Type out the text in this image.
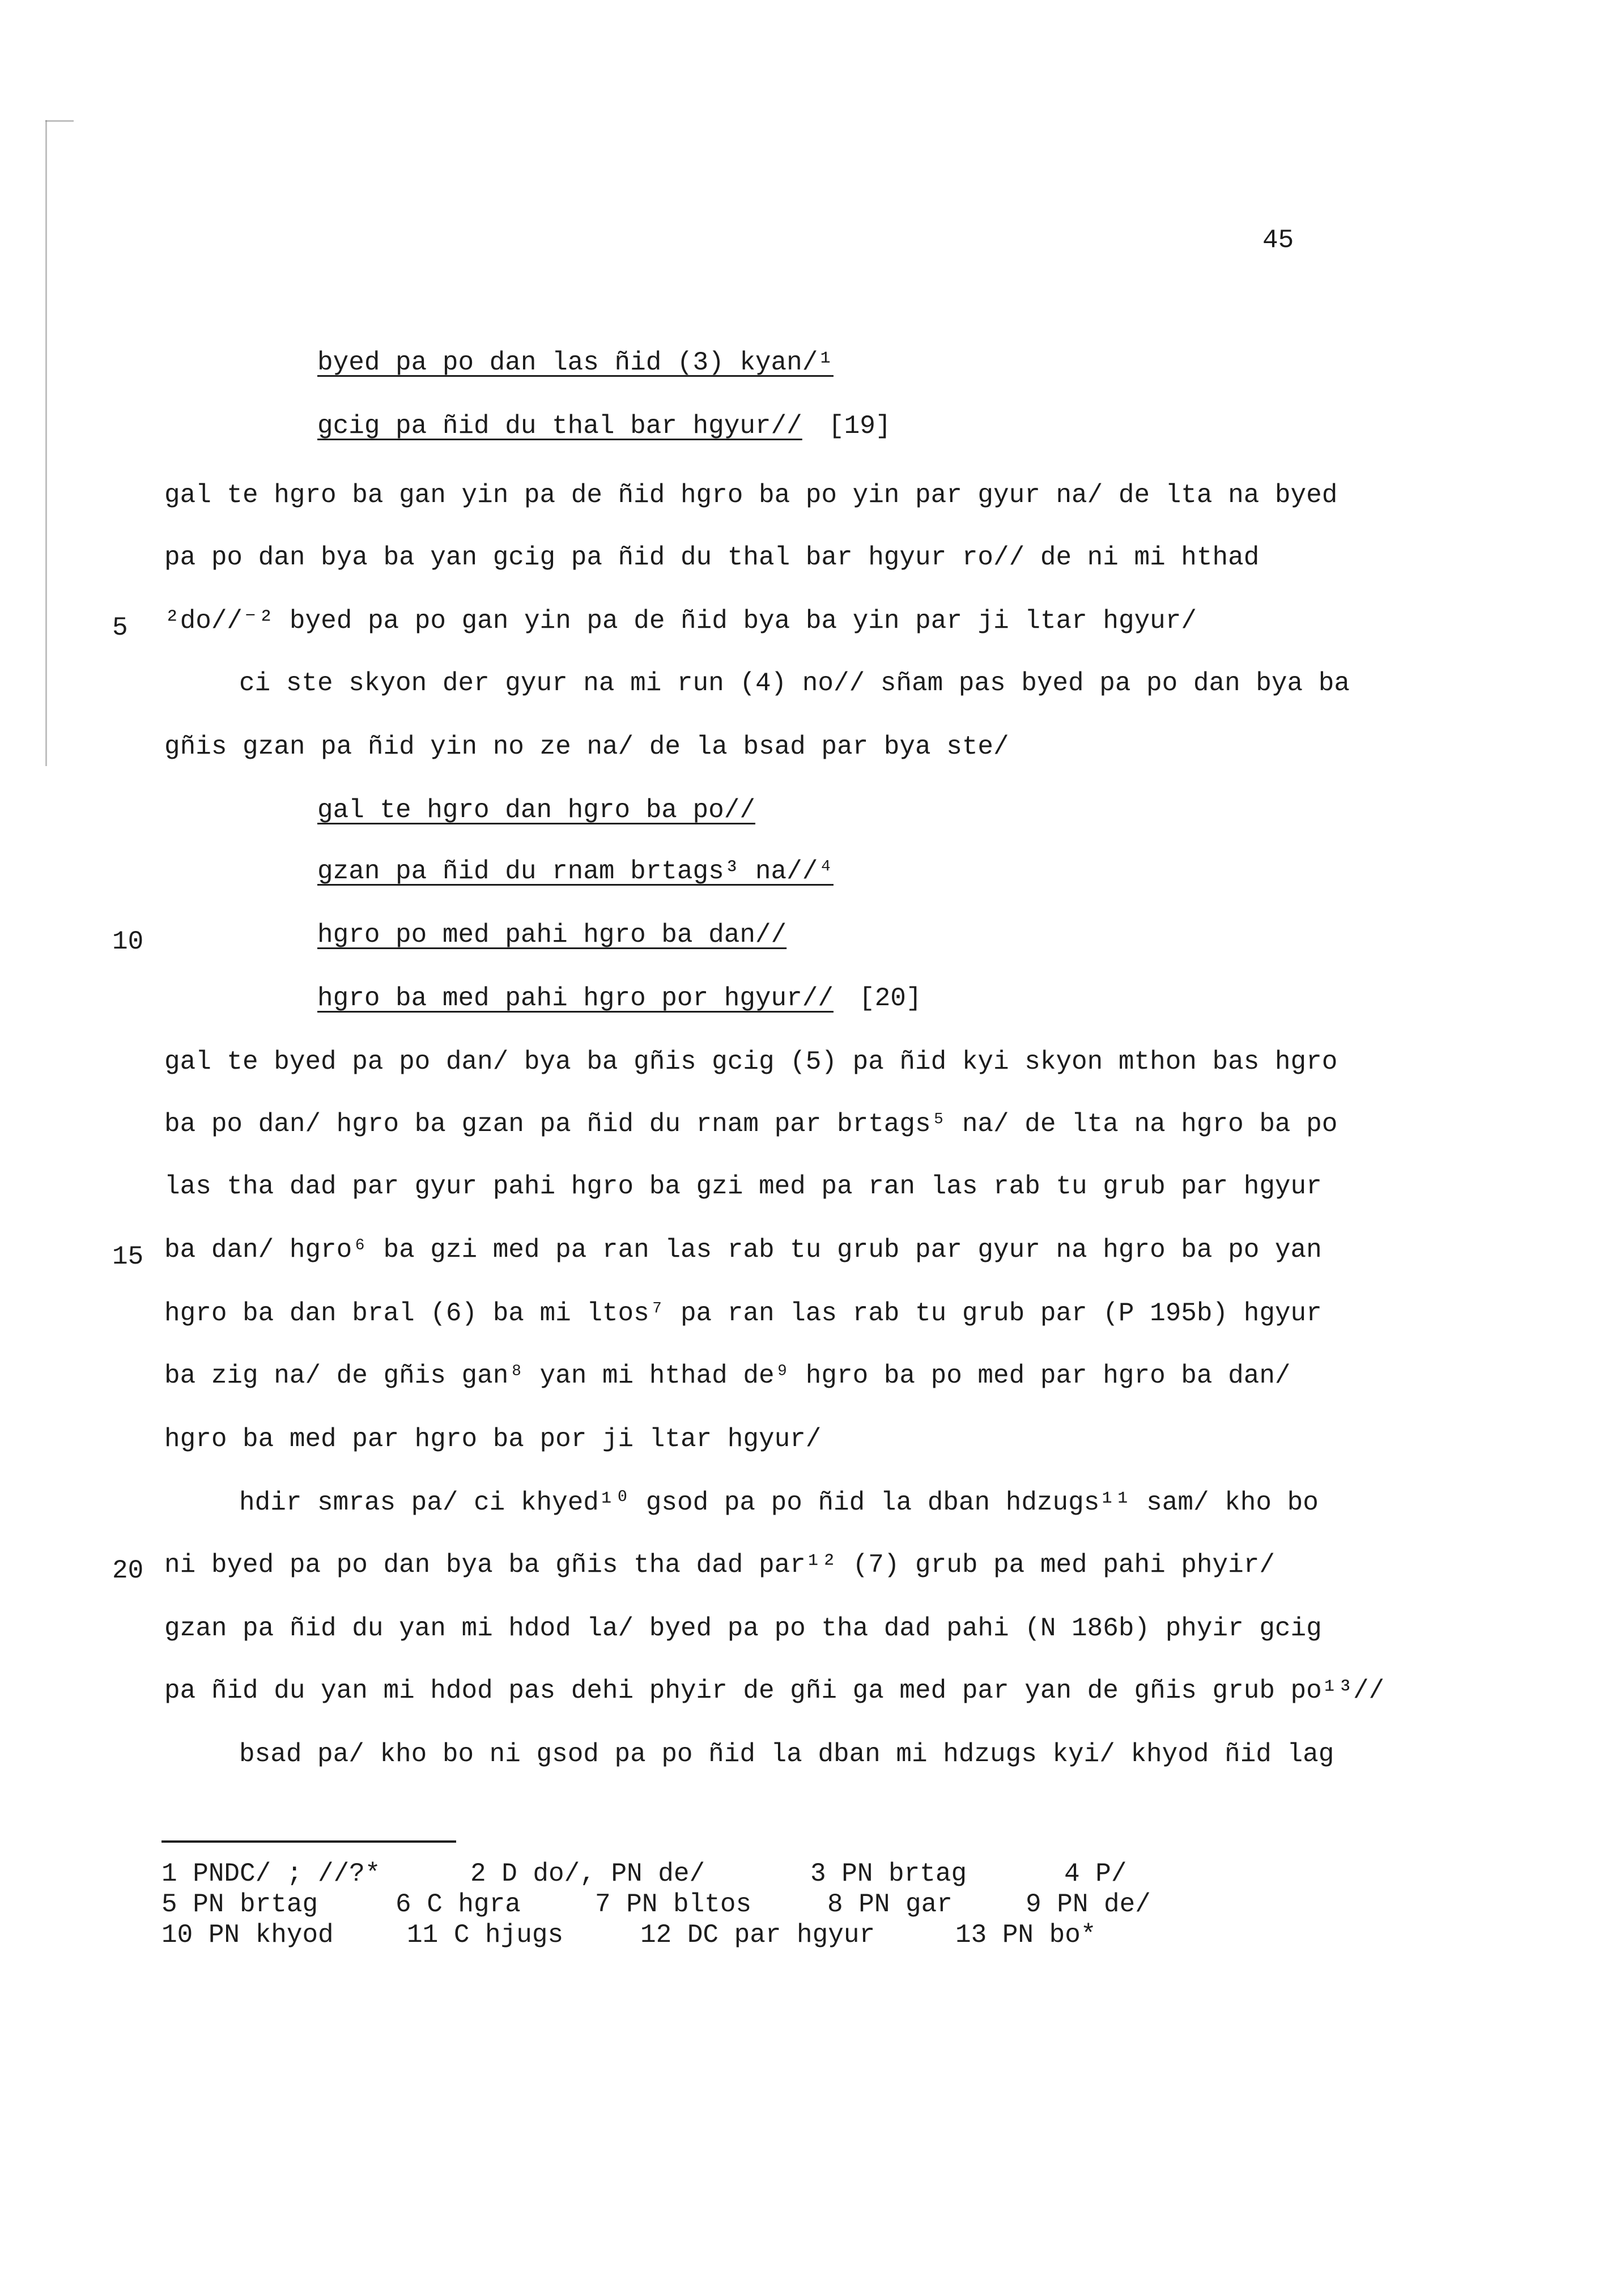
45
byed pa po dan las ñid (3) kyan/¹
gcig pa ñid du thal bar hgyur// [19]
gal te hgro ba gan yin pa de ñid hgro ba po yin par gyur na/ de lta na byed
pa po dan bya ba yan gcig pa ñid du thal bar hgyur ro// de ni mi hthad
²do//⁻² byed pa po gan yin pa de ñid bya ba yin par ji ltar hgyur/
ci ste skyon der gyur na mi run (4) no// sñam pas byed pa po dan bya ba
gñis gzan pa ñid yin no ze na/ de la bsad par bya ste/
gal te hgro dan hgro ba po//
gzan pa ñid du rnam brtags³ na//⁴
hgro po med pahi hgro ba dan//
hgro ba med pahi hgro por hgyur// [20]
gal te byed pa po dan/ bya ba gñis gcig (5) pa ñid kyi skyon mthon bas hgro
ba po dan/ hgro ba gzan pa ñid du rnam par brtags⁵ na/ de lta na hgro ba po
las tha dad par gyur pahi hgro ba gzi med pa ran las rab tu grub par hgyur
ba dan/ hgro⁶ ba gzi med pa ran las rab tu grub par gyur na hgro ba po yan
hgro ba dan bral (6) ba mi ltos⁷ pa ran las rab tu grub par (P 195b) hgyur
ba zig na/ de gñis gan⁸ yan mi hthad de⁹ hgro ba po med par hgro ba dan/
hgro ba med par hgro ba por ji ltar hgyur/
hdir smras pa/ ci khyed¹⁰ gsod pa po ñid la dban hdzugs¹¹ sam/ kho bo
ni byed pa po dan bya ba gñis tha dad par¹² (7) grub pa med pahi phyir/
gzan pa ñid du yan mi hdod la/ byed pa po tha dad pahi (N 186b) phyir gcig
pa ñid du yan mi hdod pas dehi phyir de gñi ga med par yan de gñis grub po¹³//
bsad pa/ kho bo ni gsod pa po ñid la dban mi hdzugs kyi/ khyod ñid lag
5
10
15
20
1 PNDC/ ; //?*	2 D do/, PN de/	3 PN brtag	4 P/
5 PN brtag	6 C hgra	7 PN bltos	8 PN gar	9 PN de/
10 PN khyod	11 C hjugs	12 DC par hgyur	13 PN bo*
